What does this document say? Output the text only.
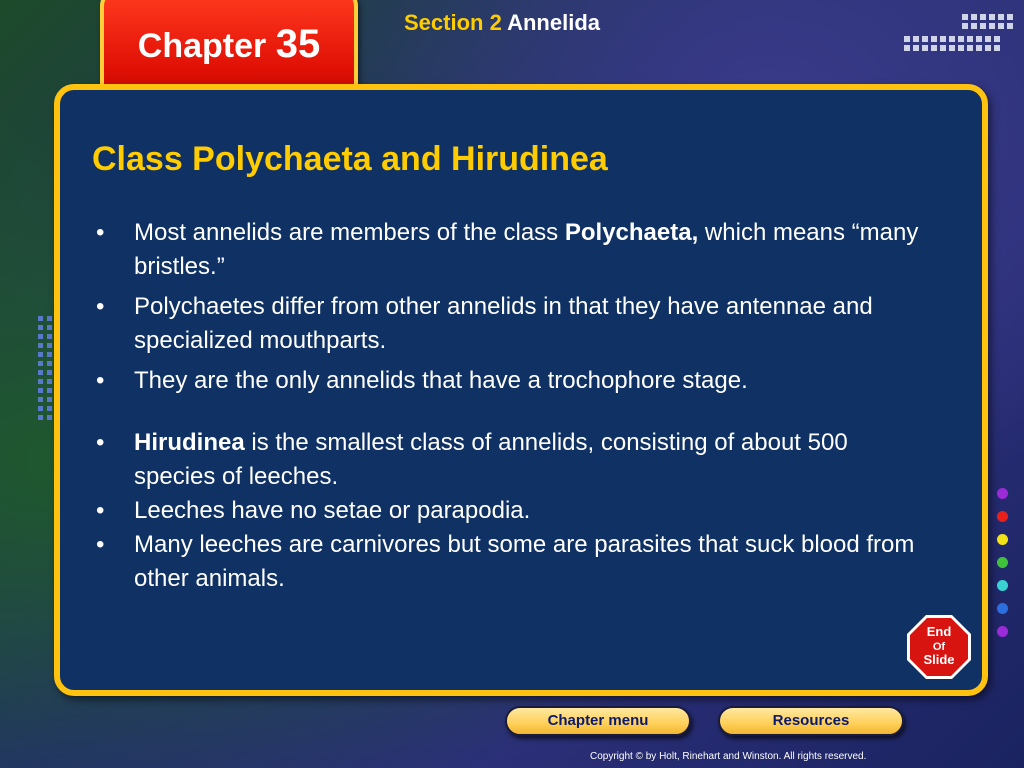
Chapter 35	Section 2 Annelida
Class Polychaeta and Hirudinea
• Most annelids are members of the class Polychaeta, which means “many bristles.”
• Polychaetes differ from other annelids in that they have antennae and specialized mouthparts.
• They are the only annelids that have a trochophore stage.
• Hirudinea is the smallest class of annelids, consisting of about 500 species of leeches.
• Leeches have no setae or parapodia.
• Many leeches are carnivores but some are parasites that suck blood from other animals.
End
Of
Slide
Chapter menu	Resources
Copyright © by Holt, Rinehart and Winston. All rights reserved.
